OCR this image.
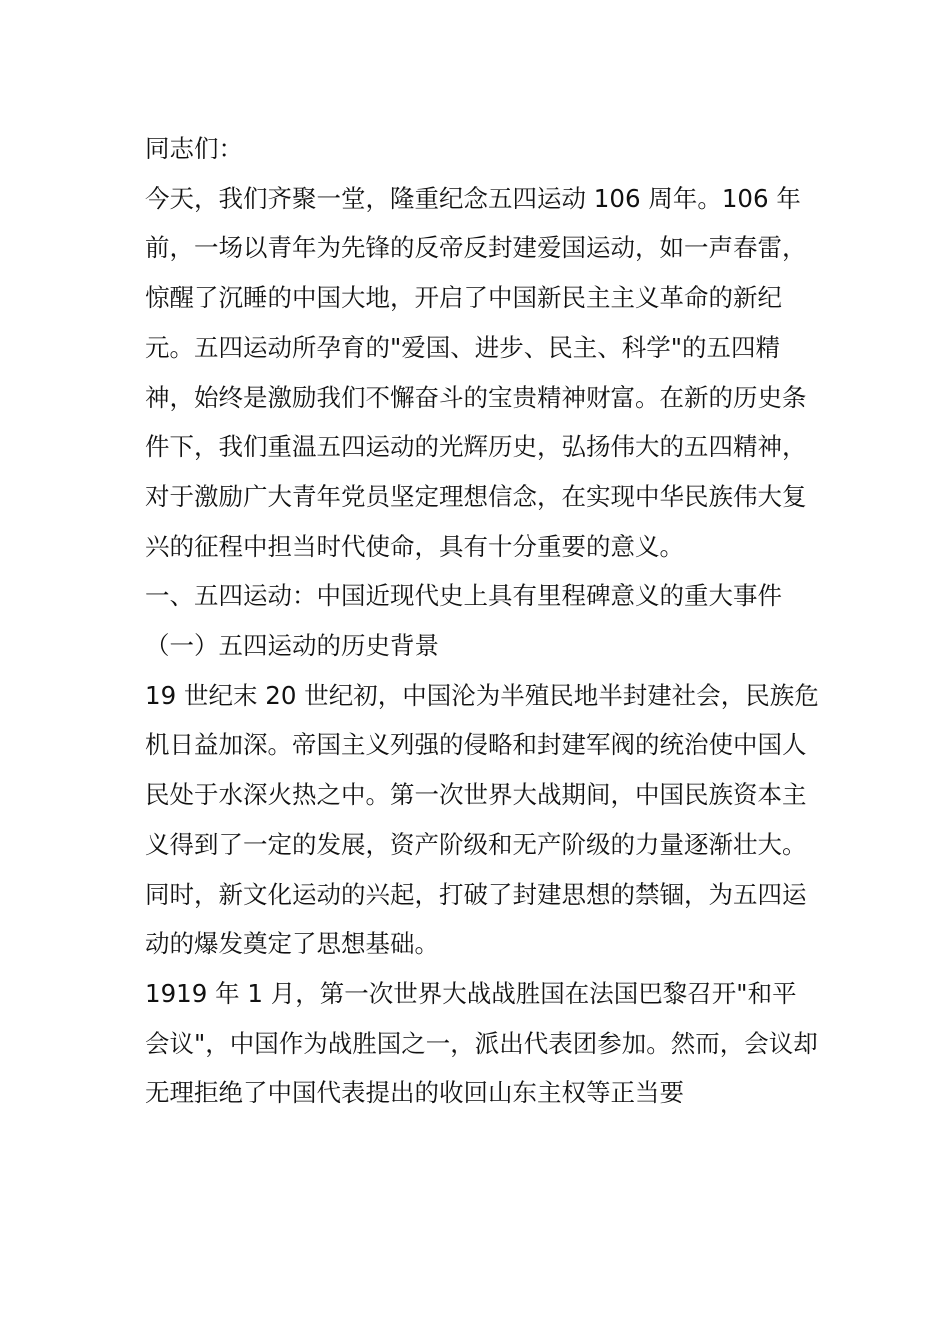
同志们：

今天，我们齐聚一堂，隆重纪念五四运动 106 周年。106 年前，一场以青年为先锋的反帝反封建爱国运动，如一声春雷，惊醒了沉睡的中国大地，开启了中国新民主主义革命的新纪元。五四运动所孕育的"爱国、进步、民主、科学"的五四精神，始终是激励我们不懈奋斗的宝贵精神财富。在新的历史条件下，我们重温五四运动的光辉历史，弘扬伟大的五四精神，对于激励广大青年党员坚定理想信念，在实现中华民族伟大复兴的征程中担当时代使命，具有十分重要的意义。

一、五四运动：中国近现代史上具有里程碑意义的重大事件

（一）五四运动的历史背景

19 世纪末 20 世纪初，中国沦为半殖民地半封建社会，民族危机日益加深。帝国主义列强的侵略和封建军阀的统治使中国人民处于水深火热之中。第一次世界大战期间，中国民族资本主义得到了一定的发展，资产阶级和无产阶级的力量逐渐壮大。同时，新文化运动的兴起，打破了封建思想的禁锢，为五四运动的爆发奠定了思想基础。

1919 年 1 月，第一次世界大战战胜国在法国巴黎召开"和平会议"，中国作为战胜国之一，派出代表团参加。然而，会议却无理拒绝了中国代表提出的收回山东主权等正当要
